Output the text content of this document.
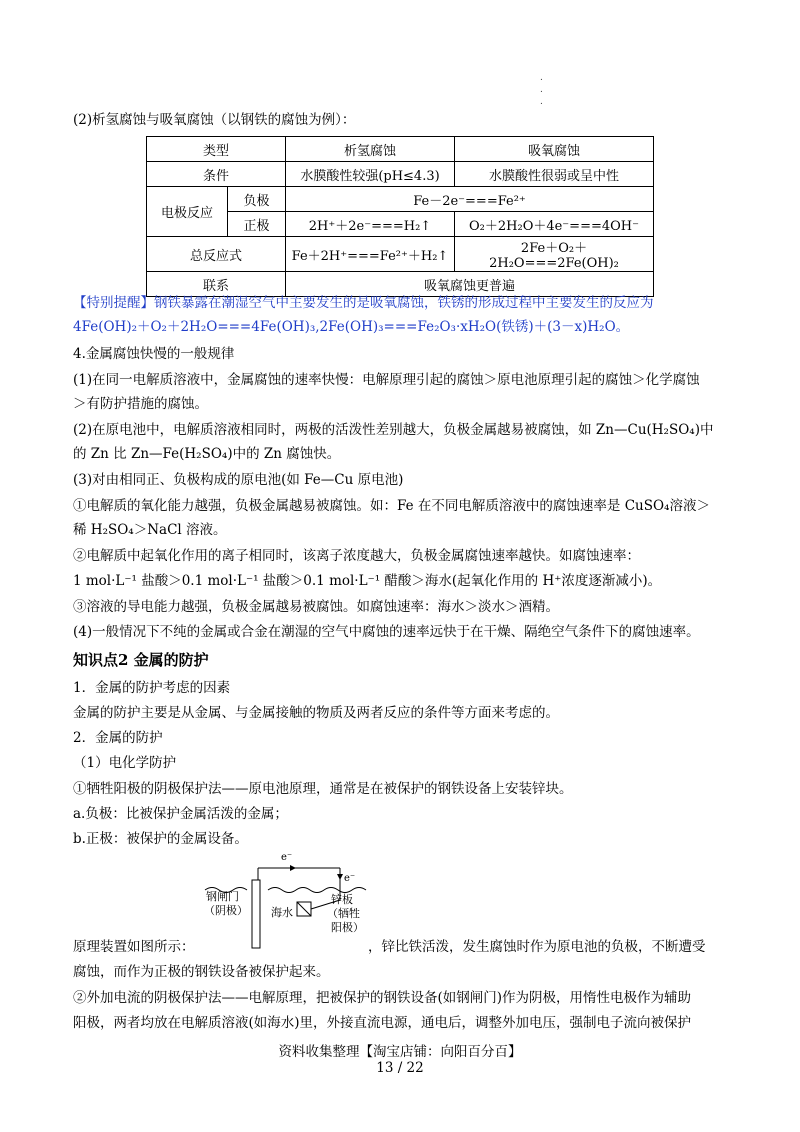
.
.
.
(2)析氢腐蚀与吸氧腐蚀（以钢铁的腐蚀为例）：
类型		析氢腐蚀	吸氧腐蚀
条件		水膜酸性较强(pH≤4.3)	水膜酸性很弱或呈中性
电极反应	负极	Fe－2e⁻===Fe²⁺	
	正极	2H⁺＋2e⁻===H₂↑	O₂＋2H₂O＋4e⁻===4OH⁻
总反应式		Fe＋2H⁺===Fe²⁺＋H₂↑	2Fe＋O₂＋2H₂O===2Fe(OH)₂
联系		吸氧腐蚀更普遍	
【特别提醒】钢铁暴露在潮湿空气中主要发生的是吸氧腐蚀，铁锈的形成过程中主要发生的反应为
4Fe(OH)₂＋O₂＋2H₂O===4Fe(OH)₃,2Fe(OH)₃===Fe₂O₃·xH₂O(铁锈)＋(3－x)H₂O。
4.金属腐蚀快慢的一般规律
(1)在同一电解质溶液中，金属腐蚀的速率快慢：电解原理引起的腐蚀＞原电池原理引起的腐蚀＞化学腐蚀
＞有防护措施的腐蚀。
(2)在原电池中，电解质溶液相同时，两极的活泼性差别越大，负极金属越易被腐蚀，如 Zn—Cu(H₂SO₄)中
的 Zn 比 Zn—Fe(H₂SO₄)中的 Zn 腐蚀快。
(3)对由相同正、负极构成的原电池(如 Fe—Cu 原电池)
①电解质的氧化能力越强，负极金属越易被腐蚀。如：Fe 在不同电解质溶液中的腐蚀速率是 CuSO₄溶液＞
稀 H₂SO₄＞NaCl 溶液。
②电解质中起氧化作用的离子相同时，该离子浓度越大，负极金属腐蚀速率越快。如腐蚀速率：
1 mol·L⁻¹ 盐酸＞0.1 mol·L⁻¹ 盐酸＞0.1 mol·L⁻¹ 醋酸＞海水(起氧化作用的 H⁺浓度逐渐减小)。
③溶液的导电能力越强，负极金属越易被腐蚀。如腐蚀速率：海水＞淡水＞酒精。
(4)一般情况下不纯的金属或合金在潮湿的空气中腐蚀的速率远快于在干燥、隔绝空气条件下的腐蚀速率。
知识点2 金属的防护
1．金属的防护考虑的因素
金属的防护主要是从金属、与金属接触的物质及两者反应的条件等方面来考虑的。
2．金属的防护
（1）电化学防护
①牺牲阳极的阴极保护法——原电池原理，通常是在被保护的钢铁设备上安装锌块。
a.负极：比被保护金属活泼的金属；
b.正极：被保护的金属设备。
e⁻
e⁻
钢闸门
（阴极） 海水
锌板
（牺牲
阳极）
原理装置如图所示：	，锌比铁活泼，发生腐蚀时作为原电池的负极，不断遭受
腐蚀，而作为正极的钢铁设备被保护起来。
②外加电流的阴极保护法——电解原理，把被保护的钢铁设备(如钢闸门)作为阴极，用惰性电极作为辅助
阳极，两者均放在电解质溶液(如海水)里，外接直流电源，通电后，调整外加电压，强制电子流向被保护
资料收集整理【淘宝店铺：向阳百分百】
13 / 22
